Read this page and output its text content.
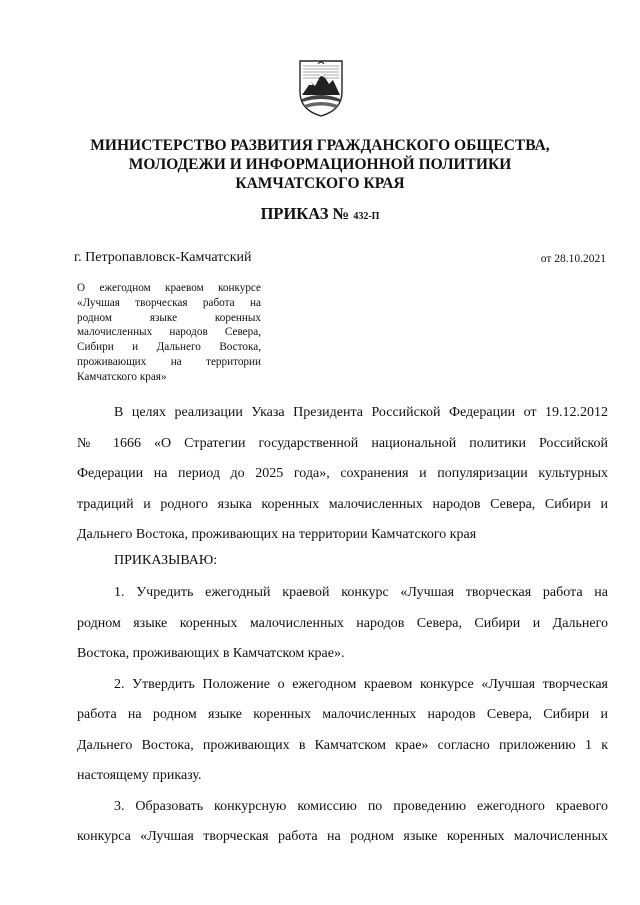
МИНИСТЕРСТВО РАЗВИТИЯ ГРАЖДАНСКОГО ОБЩЕСТВА,
МОЛОДЕЖИ И ИНФОРМАЦИОННОЙ ПОЛИТИКИ
КАМЧАТСКОГО КРАЯ
ПРИКАЗ № 432-П
г. Петропавловск-Камчатский	от 28.10.2021
О ежегодном краевом конкурсе
«Лучшая творческая работа на
родном языке коренных
малочисленных народов Севера,
Сибири и Дальнего Востока,
проживающих на территории
Камчатского края»
В целях реализации Указа Президента Российской Федерации от 19.12.2012
№ 1666 «О Стратегии государственной национальной политики Российской
Федерации на период до 2025 года», сохранения и популяризации культурных
традиций и родного языка коренных малочисленных народов Севера, Сибири и
Дальнего Востока, проживающих на территории Камчатского края
ПРИКАЗЫВАЮ:
1. Учредить ежегодный краевой конкурс «Лучшая творческая работа на
родном языке коренных малочисленных народов Севера, Сибири и Дальнего
Востока, проживающих в Камчатском крае».
2. Утвердить Положение о ежегодном краевом конкурсе «Лучшая творческая
работа на родном языке коренных малочисленных народов Севера, Сибири и
Дальнего Востока, проживающих в Камчатском крае» согласно приложению 1 к
настоящему приказу.
3. Образовать конкурсную комиссию по проведению ежегодного краевого
конкурса «Лучшая творческая работа на родном языке коренных малочисленных
